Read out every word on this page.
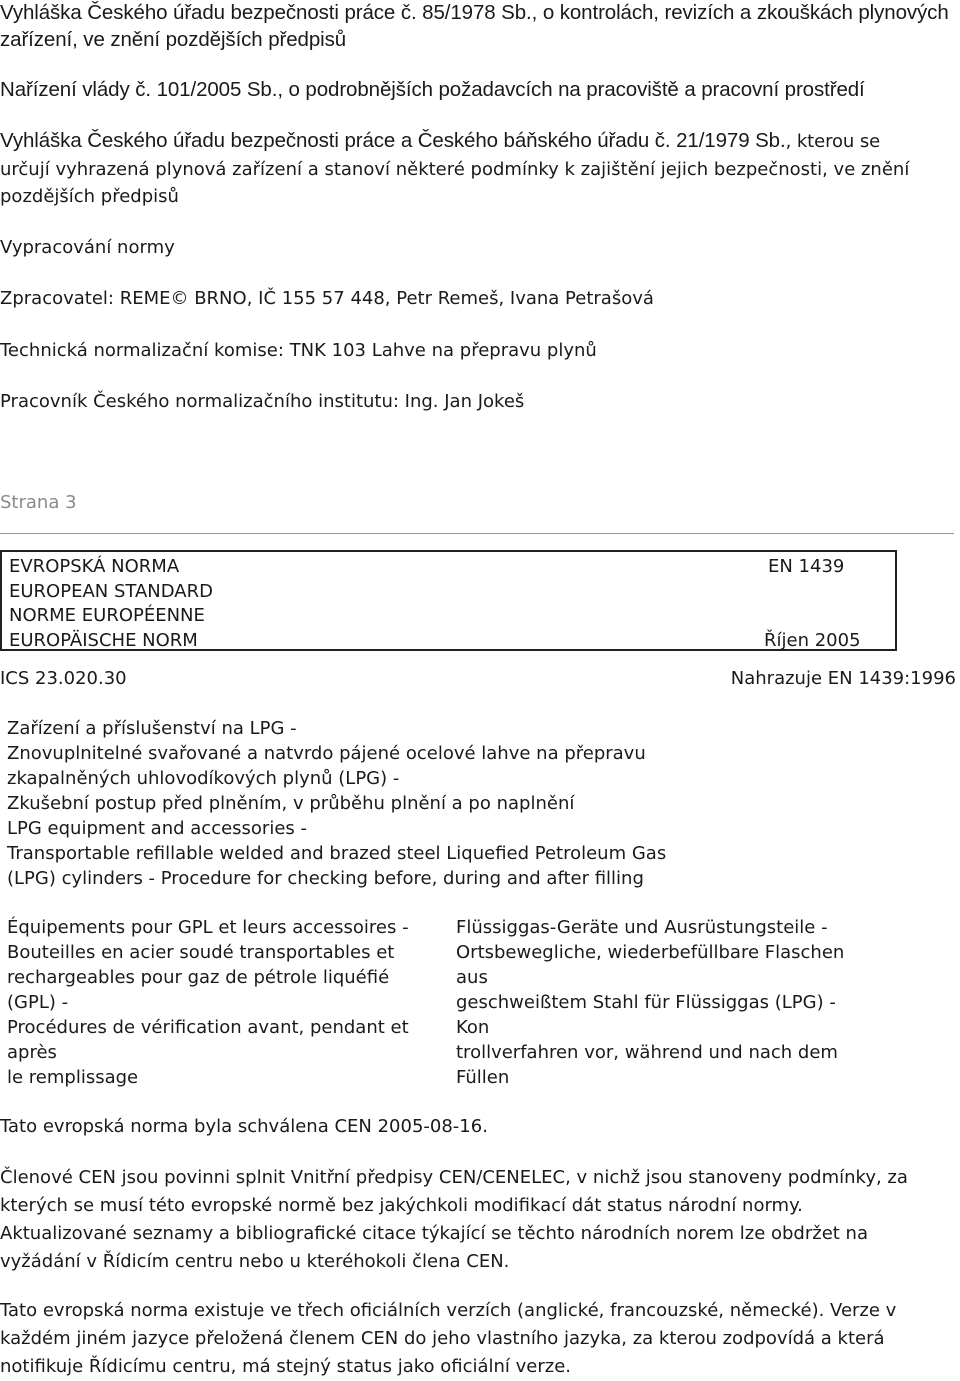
Vyhláška Českého úřadu bezpečnosti práce č. 85/1978 Sb., o kontrolách, revizích a zkouškách plynových
zařízení, ve znění pozdějších předpisů
Nařízení vlády č. 101/2005 Sb., o podrobnějších požadavcích na pracoviště a pracovní prostředí
Vyhláška Českého úřadu bezpečnosti práce a Českého báňského úřadu č. 21/1979 Sb., kterou se
určují vyhrazená plynová zařízení a stanoví některé podmínky k zajištění jejich bezpečnosti, ve znění
pozdějších předpisů
Vypracování normy
Zpracovatel: REME© BRNO, IČ 155 57 448, Petr Remeš, Ivana Petrašová
Technická normalizační komise: TNK 103 Lahve na přepravu plynů
Pracovník Českého normalizačního institutu: Ing. Jan Jokeš
Strana 3
EVROPSKÁ NORMA
EUROPEAN STANDARD
NORME EUROPÉENNE
EUROPÄISCHE NORM
EN 1439
Říjen 2005
ICS 23.020.30	Nahrazuje EN 1439:1996
Zařízení a příslušenství na LPG -
Znovuplnitelné svařované a natvrdo pájené ocelové lahve na přepravu
zkapalněných uhlovodíkových plynů (LPG) -
Zkušební postup před plněním, v průběhu plnění a po naplnění
LPG equipment and accessories -
Transportable refillable welded and brazed steel Liquefied Petroleum Gas
(LPG) cylinders - Procedure for checking before, during and after filling
Équipements pour GPL et leurs accessoires -
Bouteilles en acier soudé transportables et
rechargeables pour gaz de pétrole liquéfié
(GPL) -
Procédures de vérification avant, pendant et
après
le remplissage
Flüssiggas-Geräte und Ausrüstungsteile -
Ortsbewegliche, wiederbefüllbare Flaschen
aus
geschweißtem Stahl für Flüssiggas (LPG) -
Kon
trollverfahren vor, während und nach dem
Füllen
Tato evropská norma byla schválena CEN 2005-08-16.
Členové CEN jsou povinni splnit Vnitřní předpisy CEN/CENELEC, v nichž jsou stanoveny podmínky, za
kterých se musí této evropské normě bez jakýchkoli modifikací dát status národní normy.
Aktualizované seznamy a bibliografické citace týkající se těchto národních norem lze obdržet na
vyžádání v Řídicím centru nebo u kteréhokoli člena CEN.
Tato evropská norma existuje ve třech oficiálních verzích (anglické, francouzské, německé). Verze v
každém jiném jazyce přeložená členem CEN do jeho vlastního jazyka, za kterou zodpovídá a která
notifikuje Řídicímu centru, má stejný status jako oficiální verze.
